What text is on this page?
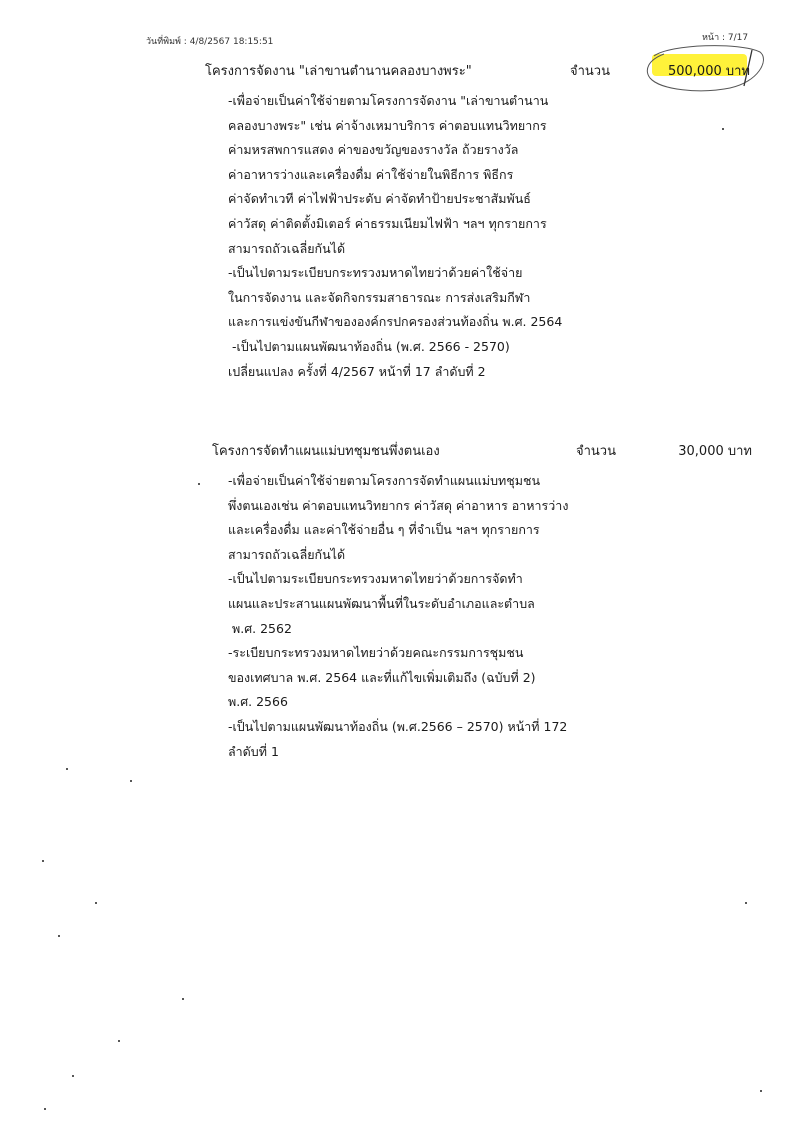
วันที่พิมพ์ : 4/8/2567 18:15:51	หน้า : 7/17
โครงการจัดงาน "เล่าขานตำนานคลองบางพระ"	จำนวน	500,000 บาท
-เพื่อจ่ายเป็นค่าใช้จ่ายตามโครงการจัดงาน "เล่าขานตำนาน
คลองบางพระ" เช่น ค่าจ้างเหมาบริการ ค่าตอบแทนวิทยากร
ค่ามหรสพการแสดง ค่าของขวัญของรางวัล ถ้วยรางวัล
ค่าอาหารว่างและเครื่องดื่ม ค่าใช้จ่ายในพิธีการ พิธีกร
ค่าจัดทำเวที ค่าไฟฟ้าประดับ ค่าจัดทำป้ายประชาสัมพันธ์
ค่าวัสดุ ค่าติดตั้งมิเตอร์ ค่าธรรมเนียมไฟฟ้า ฯลฯ ทุกรายการ
สามารถถัวเฉลี่ยกันได้
-เป็นไปตามระเบียบกระทรวงมหาดไทยว่าด้วยค่าใช้จ่าย
ในการจัดงาน และจัดกิจกรรมสาธารณะ การส่งเสริมกีฬา
และการแข่งขันกีฬาขององค์กรปกครองส่วนท้องถิ่น พ.ศ. 2564
-เป็นไปตามแผนพัฒนาท้องถิ่น (พ.ศ. 2566 - 2570)
เปลี่ยนแปลง ครั้งที่ 4/2567 หน้าที่ 17 ลำดับที่ 2
โครงการจัดทำแผนแม่บทชุมชนพึ่งตนเอง	จำนวน	30,000 บาท
-เพื่อจ่ายเป็นค่าใช้จ่ายตามโครงการจัดทำแผนแม่บทชุมชน
พึ่งตนเองเช่น ค่าตอบแทนวิทยากร ค่าวัสดุ ค่าอาหาร อาหารว่าง
และเครื่องดื่ม และค่าใช้จ่ายอื่น ๆ ที่จำเป็น ฯลฯ ทุกรายการ
สามารถถัวเฉลี่ยกันได้
-เป็นไปตามระเบียบกระทรวงมหาดไทยว่าด้วยการจัดทำ
แผนและประสานแผนพัฒนาพื้นที่ในระดับอำเภอและตำบล
พ.ศ. 2562
-ระเบียบกระทรวงมหาดไทยว่าด้วยคณะกรรมการชุมชน
ของเทศบาล พ.ศ. 2564 และที่แก้ไขเพิ่มเติมถึง (ฉบับที่ 2)
พ.ศ. 2566
-เป็นไปตามแผนพัฒนาท้องถิ่น (พ.ศ.2566 – 2570) หน้าที่ 172
ลำดับที่ 1
